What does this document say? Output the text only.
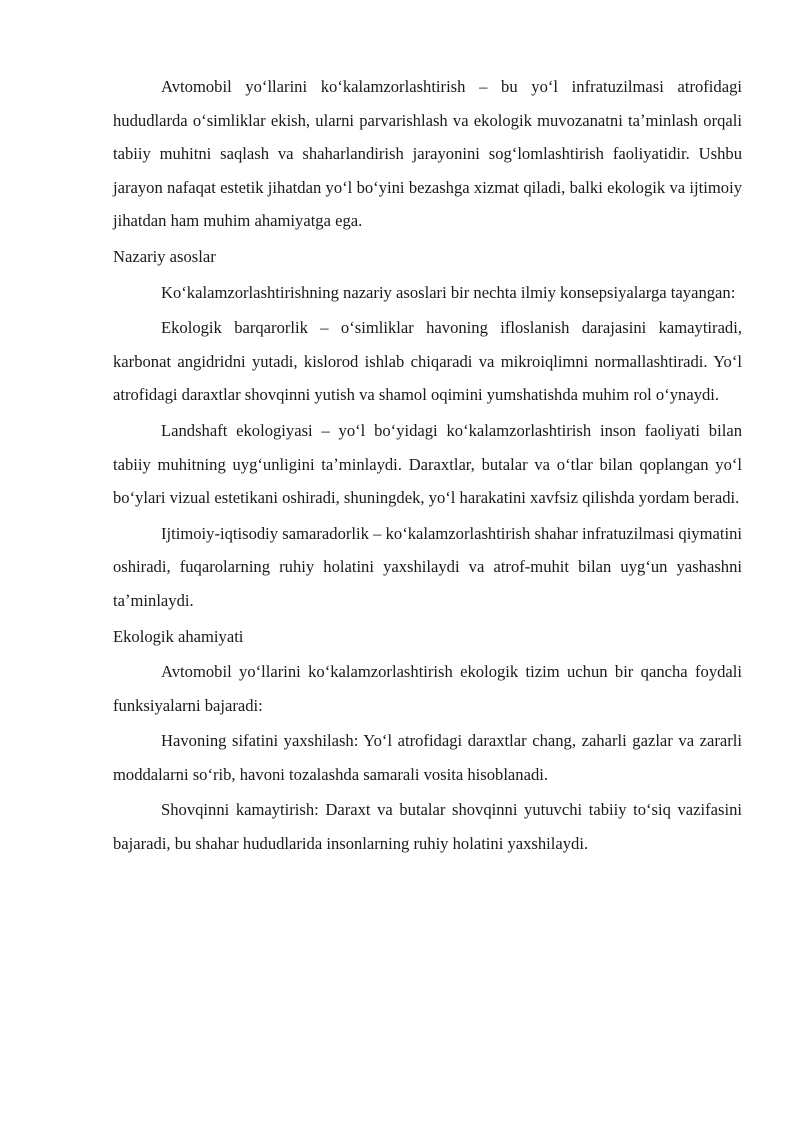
Avtomobil yoʻllarini koʻkalamzorlashtirish – bu yoʻl infratuzilmasi atrofidagi hududlarda oʻsimliklar ekish, ularni parvarishlash va ekologik muvozanatni taʼminlash orqali tabiiy muhitni saqlash va shaharlandirish jarayonini sogʻlomlashtirish faoliyatidir. Ushbu jarayon nafaqat estetik jihatdan yoʻl boʻyini bezashga xizmat qiladi, balki ekologik va ijtimoiy jihatdan ham muhim ahamiyatga ega.

Nazariy asoslar

Koʻkalamzorlashtirishning nazariy asoslari bir nechta ilmiy konsepsiyalarga tayangan:

Ekologik barqarorlik – oʻsimliklar havoning ifloslanish darajasini kamaytiradi, karbonat angidridni yutadi, kislorod ishlab chiqaradi va mikroiqlimni normallashtiradi. Yoʻl atrofidagi daraxtlar shovqinni yutish va shamol oqimini yumshatishda muhim rol oʻynaydi.

Landshaft ekologiyasi – yoʻl boʻyidagi koʻkalamzorlashtirish inson faoliyati bilan tabiiy muhitning uygʻunligini taʼminlaydi. Daraxtlar, butalar va oʻtlar bilan qoplangan yoʻl boʻylari vizual estetikani oshiradi, shuningdek, yoʻl harakatini xavfsiz qilishda yordam beradi.

Ijtimoiy-iqtisodiy samaradorlik – koʻkalamzorlashtirish shahar infratuzilmasi qiymatini oshiradi, fuqarolarning ruhiy holatini yaxshilaydi va atrof-muhit bilan uygʻun yashashni taʼminlaydi.

Ekologik ahamiyati

Avtomobil yoʻllarini koʻkalamzorlashtirish ekologik tizim uchun bir qancha foydali funksiyalarni bajaradi:

Havoning sifatini yaxshilash: Yoʻl atrofidagi daraxtlar chang, zaharli gazlar va zararli moddalarni soʻrib, havoni tozalashda samarali vosita hisoblanadi.

Shovqinni kamaytirish: Daraxt va butalar shovqinni yutuvchi tabiiy toʻsiq vazifasini bajaradi, bu shahar hududlarida insonlarning ruhiy holatini yaxshilaydi.
